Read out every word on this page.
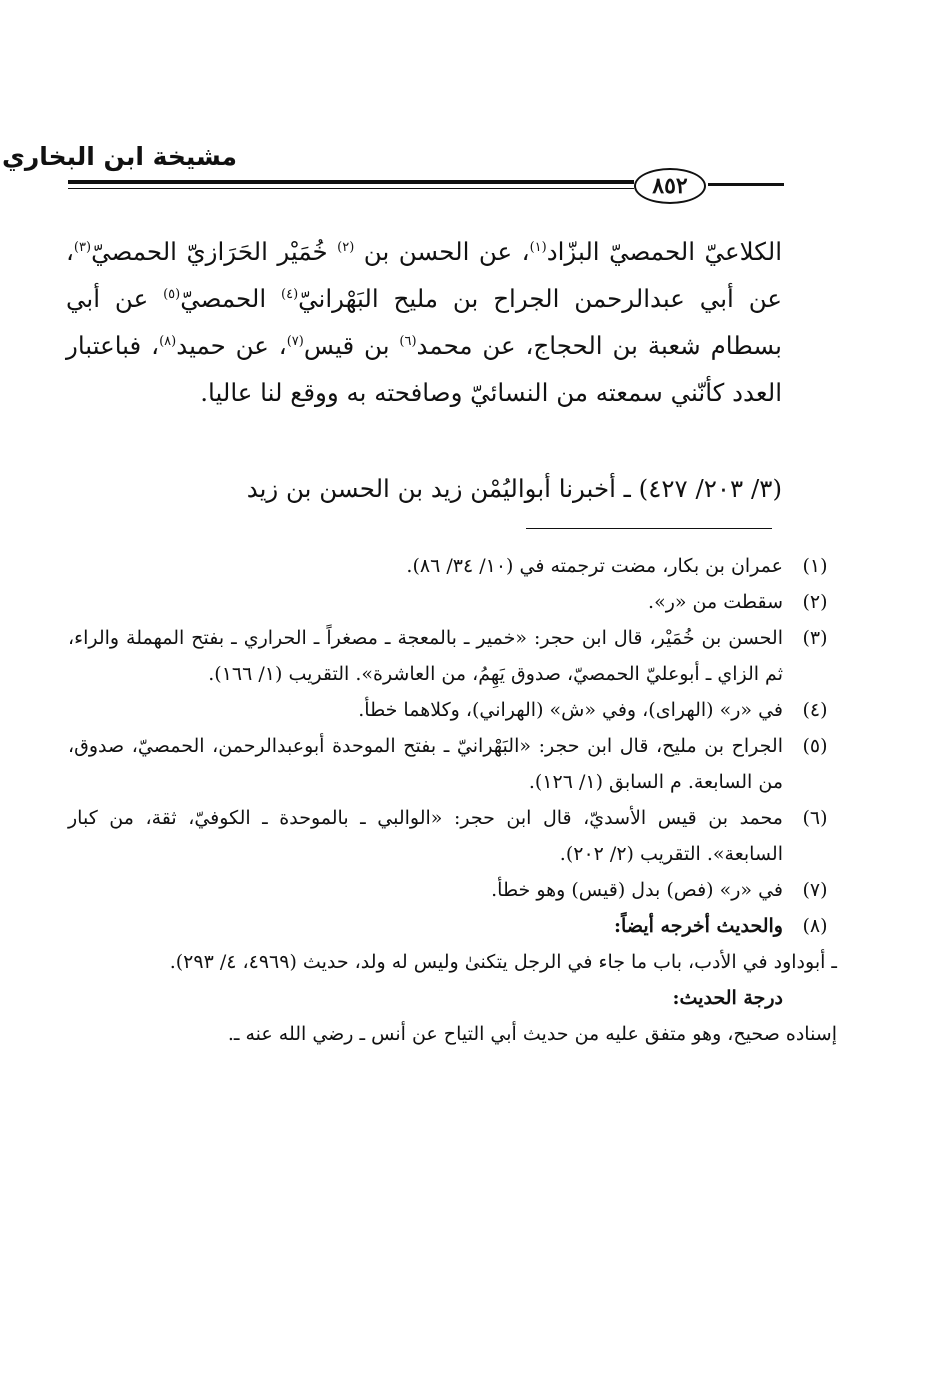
مشيخة ابن البخاري
٨٥٢

الكلاعيّ الحمصيّ البزّاد$^{(١)}$، عن الحسن بن $^{(٢)}$ خُمَيْر الحَرَازيّ الحمصيّ$^{(٣)}$، عن أبي عبدالرحمن الجراح بن مليح البَهْرانيّ$^{(٤)}$ الحمصيّ$^{(٥)}$ عن أبي بسطام شعبة بن الحجاج، عن محمد$^{(٦)}$ بن قيس$^{(٧)}$، عن حميد$^{(٨)}$، فباعتبار العدد كأنّني سمعته من النسائيّ وصافحته به ووقع لنا عاليا.

(٣/ ٢٠٣/ ٤٢٧) ـ أخبرنا أبواليُمْن زيد بن الحسن بن زيد

(١)
عمران بن بكار، مضت ترجمته في (١٠/ ٣٤/ ٨٦).
(٢)
سقطت من «ر».
(٣)
الحسن بن خُمَيْر، قال ابن حجر: «خمير ـ بالمعجة ـ مصغراً ـ الحراري ـ بفتح المهملة والراء، ثم الزاي ـ أبوعليّ الحمصيّ، صدوق يَهِمُ، من العاشرة». التقريب (١/ ١٦٦).
(٤)
في «ر» (الهراى)، وفي «ش» (الهراني)، وكلاهما خطأ.
(٥)
الجراح بن مليح، قال ابن حجر: «البَهْرانيّ ـ بفتح الموحدة أبوعبدالرحمن، الحمصيّ، صدوق، من السابعة. م السابق (١/ ١٢٦).
(٦)
محمد بن قيس الأسديّ، قال ابن حجر: «الوالبي ـ بالموحدة ـ الكوفيّ، ثقة، من كبار السابعة». التقريب (٢/ ٢٠٢).
(٧)
في «ر» (فص) بدل (قيس) وهو خطأ.
(٨)
والحديث أخرجه أيضاً:
ـ أبوداود في الأدب، باب ما جاء في الرجل يتكنىٰ وليس له ولد، حديث (٤٩٦٩، ٤/ ٢٩٣).
درجة الحديث:
إسناده صحيح، وهو متفق عليه من حديث أبي التياح عن أنس ـ رضي الله عنه ـ.
